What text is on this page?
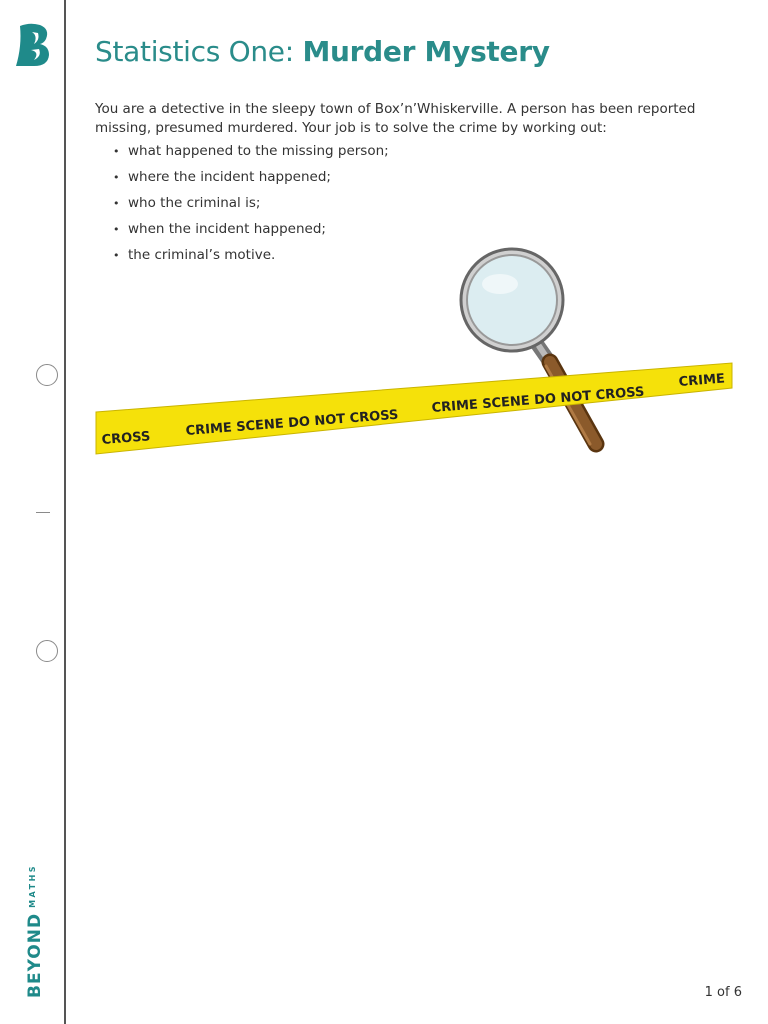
$BEYOND^{MATHS}$
Statistics One: Murder Mystery

You are a detective in the sleepy town of Box’n’Whiskerville. A person has been reported missing, presumed murdered. Your job is to solve the crime by working out:

• what happened to the missing person;
• where the incident happened;
• who the criminal is;
• when the incident happened;
• the criminal’s motive.
CROSS	CRIME SCENE DO NOT CROSS
CRIME SCENE DO NOT CROSS
CRIME
1 of 6
